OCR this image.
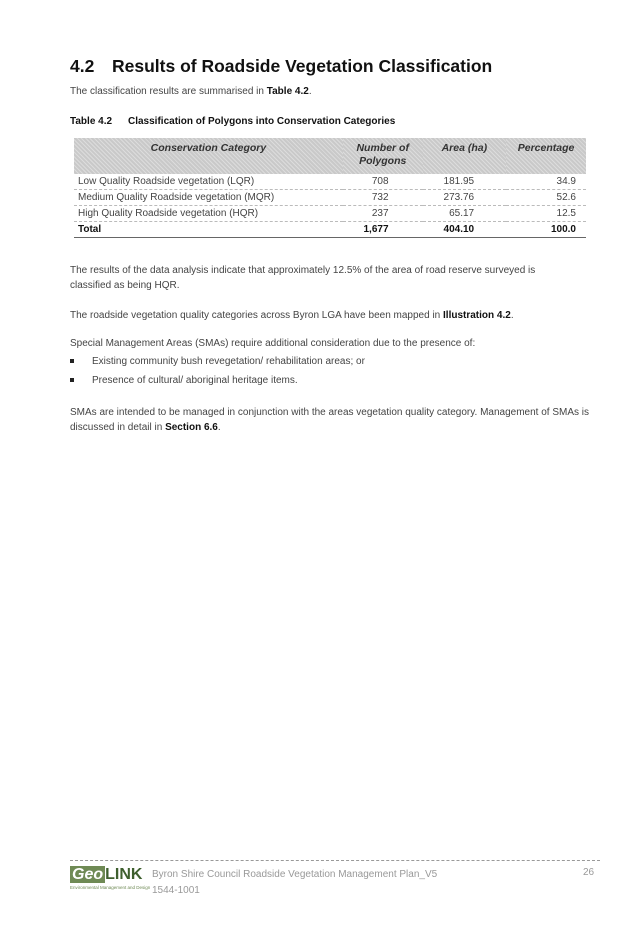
4.2 Results of Roadside Vegetation Classification
The classification results are summarised in Table 4.2.
Table 4.2 Classification of Polygons into Conservation Categories
Conservation Category	Number of Polygons	Area (ha)	Percentage
Low Quality Roadside vegetation (LQR)	708	181.95	34.9
Medium Quality Roadside vegetation (MQR)	732	273.76	52.6
High Quality Roadside vegetation (HQR)	237	65.17	12.5
Total	1,677	404.10	100.0
The results of the data analysis indicate that approximately 12.5% of the area of road reserve surveyed is classified as being HQR.
The roadside vegetation quality categories across Byron LGA have been mapped in Illustration 4.2.
Special Management Areas (SMAs) require additional consideration due to the presence of:
Existing community bush revegetation/ rehabilitation areas; or
Presence of cultural/ aboriginal heritage items.
SMAs are intended to be managed in conjunction with the areas vegetation quality category. Management of SMAs is discussed in detail in Section 6.6.
Geo LINK
Environmental Management and Design
Byron Shire Council Roadside Vegetation Management Plan_V5
1544-1001
26
